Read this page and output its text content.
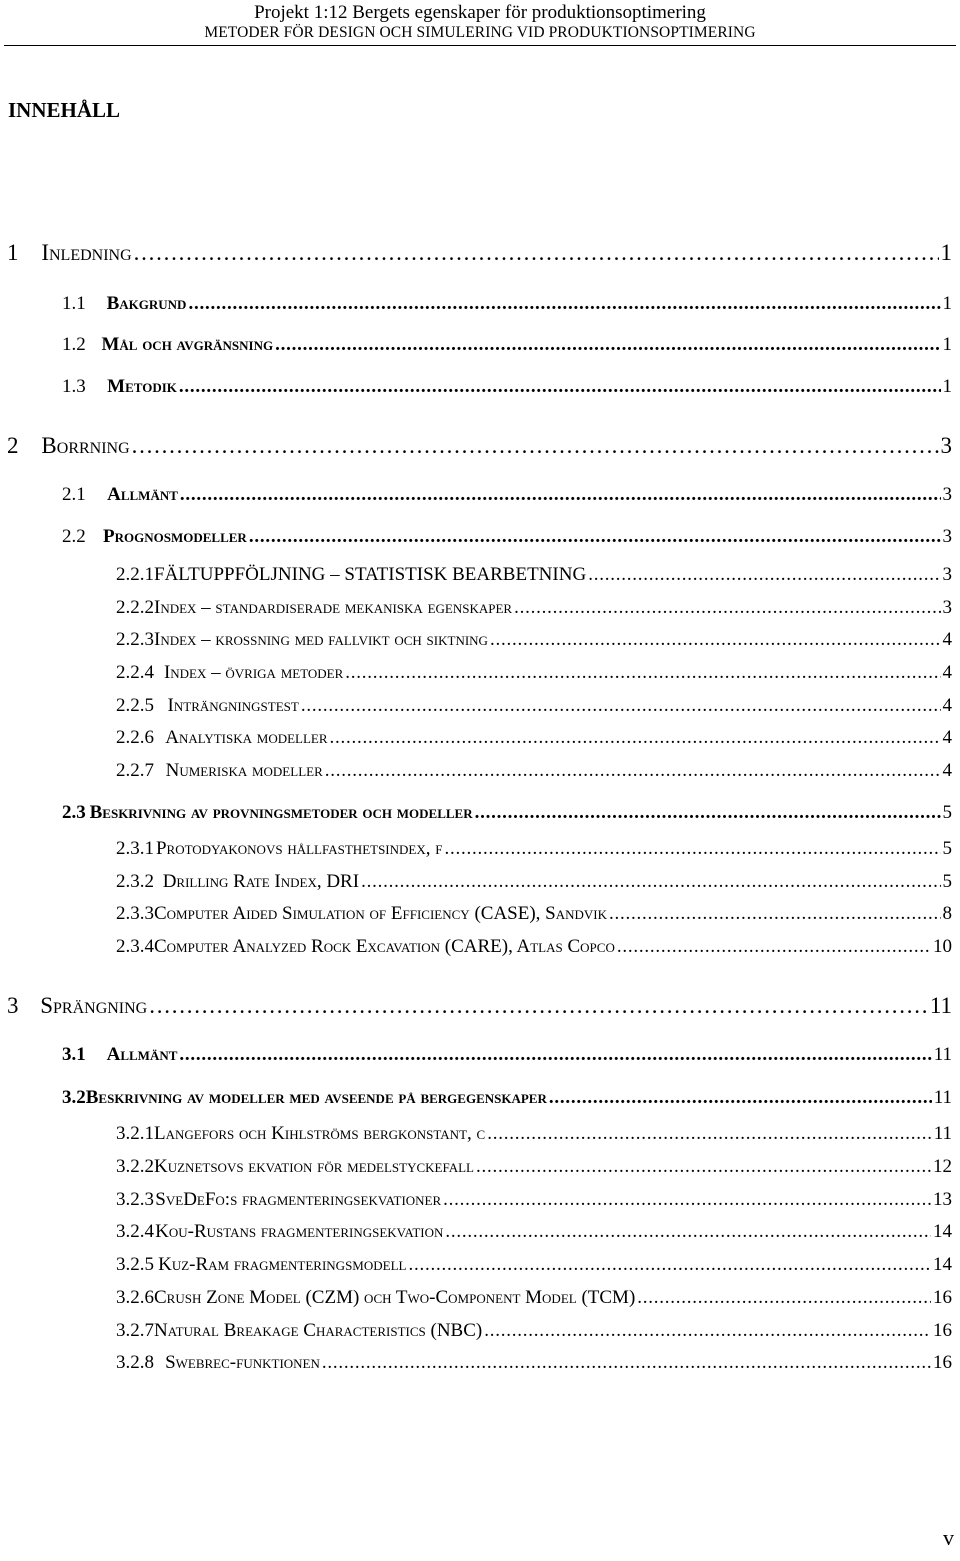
Projekt 1:12 Bergets egenskaper för produktionsoptimering
METODER FÖR DESIGN OCH SIMULERING VID PRODUKTIONSOPTIMERING
INNEHÅLL
1 Inledning . . .	1
1.1	Bakgrund . . .	1
1.2 Mål och avgränsning . . .	1
1.3	Metodik . . .	1
2 Borrning . . .	3
2.1	Allmänt . . .	3
2.2 Prognosmodeller . . .	3
2.2.1 FÄLTUPPFÖLJNING – STATISTISK BEARBETNING . . .	3
2.2.2 Index – standardiserade mekaniska egenskaper . . .	3
2.2.3 Index – krossning med fallvikt och siktning . . .	4
2.2.4 Index – övriga metoder . . .	4
2.2.5 Inträngningstest . . .	4
2.2.6 Analytiska modeller . . .	4
2.2.7 Numeriska modeller . . .	4
2.3 Beskrivning av provningsmetoder och modeller . . .	5
2.3.1 Protodyakonovs hållfasthetsindex, f . . .	5
2.3.2 Drilling Rate Index, DRI . . .	5
2.3.3 Computer Aided Simulation of Efficiency (CASE), Sandvik . . .	8
2.3.4 Computer Analyzed Rock Excavation (CARE), Atlas Copco . . .	10
3 Sprängning . . .	11
3.1	Allmänt . . .	11
3.2 Beskrivning av modeller med avseende på bergegenskaper . . .	11
3.2.1 Langefors och Kihlströms bergkonstant, c . . .	11
3.2.2 Kuznetsovs ekvation för medelstyckefall . . .	12
3.2.3 SveDeFo:s fragmenteringsekvationer . . .	13
3.2.4 Kou-Rustans fragmenteringsekvation . . .	14
3.2.5 Kuz-Ram fragmenteringsmodell . . .	14
3.2.6 Crush Zone Model (CZM) och Two-Component Model (TCM) . . .	16
3.2.7 Natural Breakage Characteristics (NBC) . . .	16
3.2.8 Swebrec-funktionen . . .	16
v
